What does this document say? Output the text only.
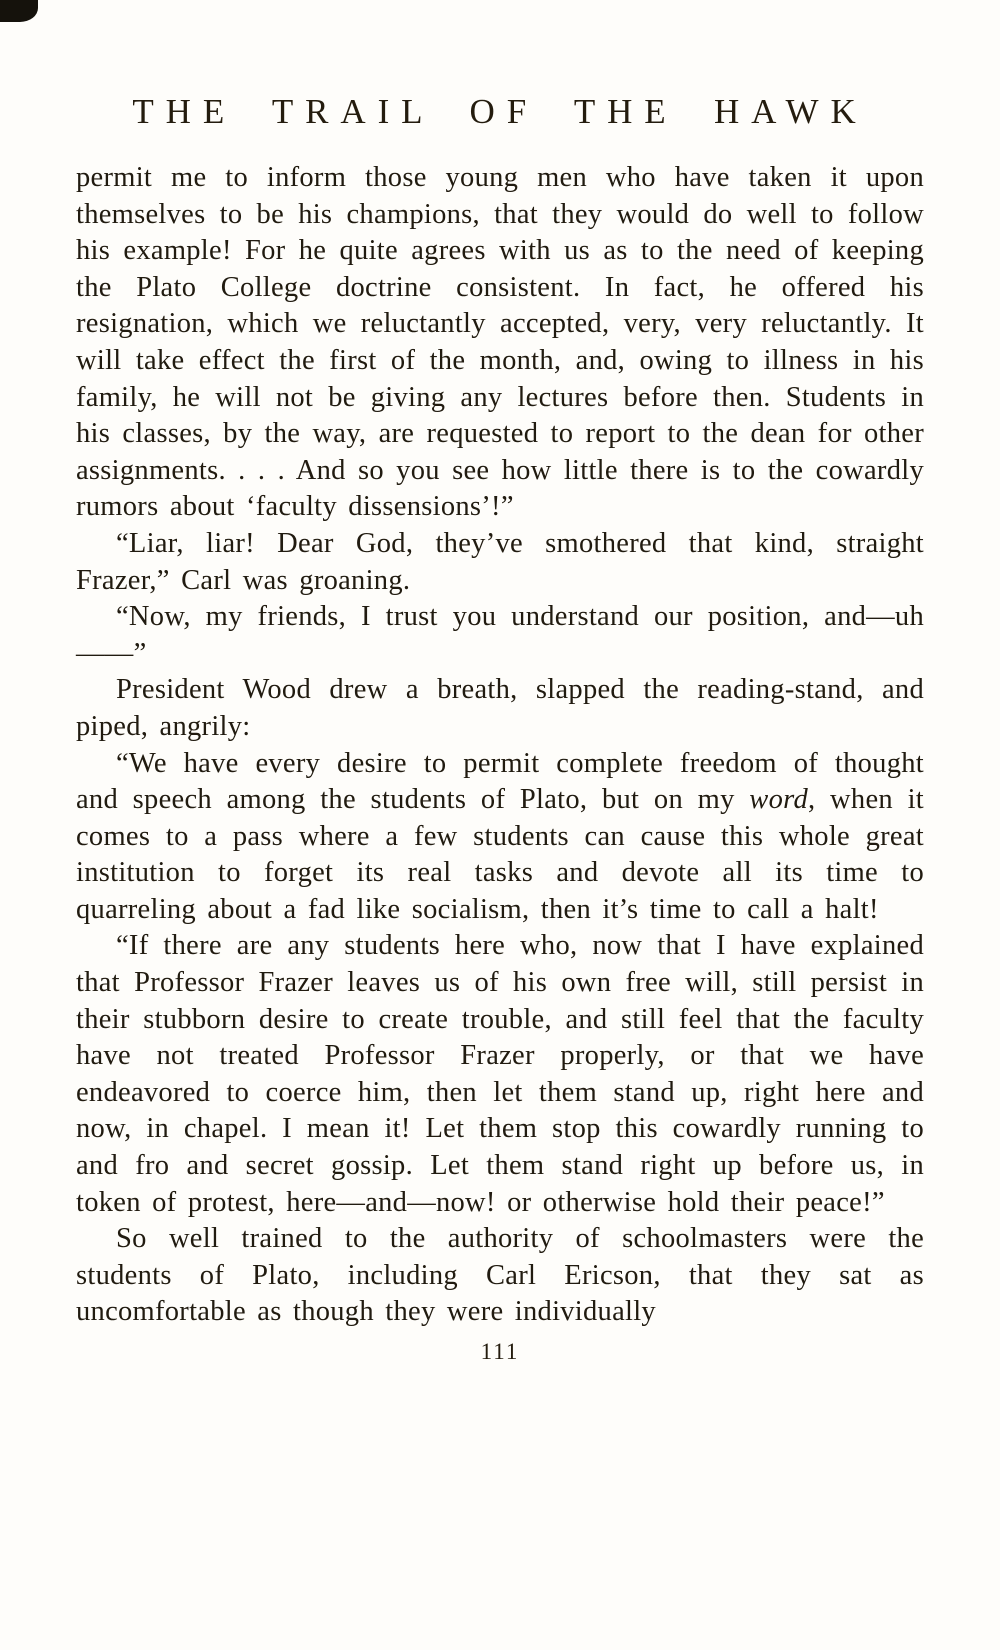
THE TRAIL OF THE HAWK

permit me to inform those young men who have taken it upon themselves to be his champions, that they would do well to follow his example! For he quite agrees with us as to the need of keeping the Plato College doctrine consistent. In fact, he offered his resignation, which we reluctantly accepted, very, very reluctantly. It will take effect the first of the month, and, owing to illness in his family, he will not be giving any lectures before then. Students in his classes, by the way, are requested to report to the dean for other assignments. . . . And so you see how little there is to the cowardly rumors about ‘faculty dissensions’!”

“Liar, liar! Dear God, they’ve smothered that kind, straight Frazer,” Carl was groaning.

“Now, my friends, I trust you understand our position, and—uh——”

President Wood drew a breath, slapped the reading-stand, and piped, angrily:

“We have every desire to permit complete freedom of thought and speech among the students of Plato, but on my word, when it comes to a pass where a few students can cause this whole great institution to forget its real tasks and devote all its time to quarreling about a fad like socialism, then it’s time to call a halt!

“If there are any students here who, now that I have explained that Professor Frazer leaves us of his own free will, still persist in their stubborn desire to create trouble, and still feel that the faculty have not treated Professor Frazer properly, or that we have endeavored to coerce him, then let them stand up, right here and now, in chapel. I mean it! Let them stop this cowardly running to and fro and secret gossip. Let them stand right up before us, in token of protest, here—and—now! or otherwise hold their peace!”

So well trained to the authority of schoolmasters were the students of Plato, including Carl Ericson, that they sat as uncomfortable as though they were individually

111
